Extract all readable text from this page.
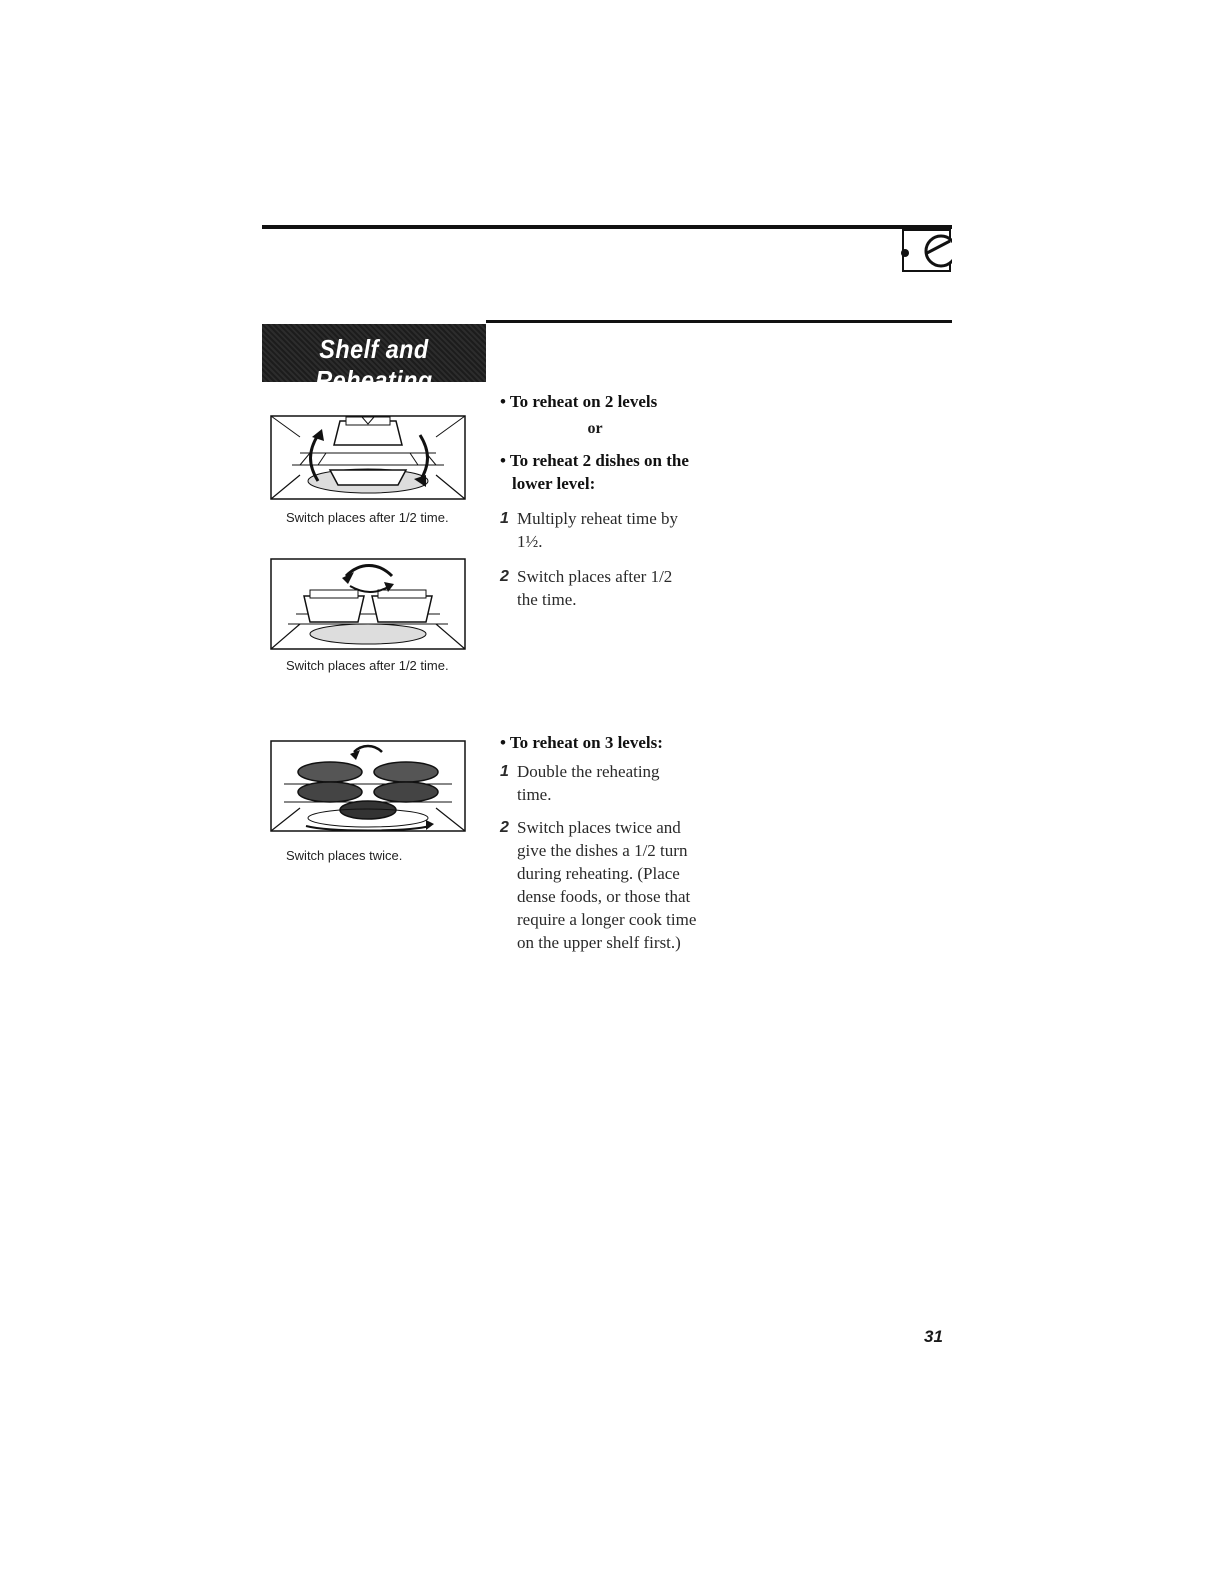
Shelf and Reheating
Switch places after 1/2 time.
Switch places after 1/2 time.
Switch places twice.
• To reheat on 2 levels
or
• To reheat 2 dishes on the lower level:
1 Multiply reheat time by 1½.
2 Switch places after 1/2 the time.
• To reheat on 3 levels:
1 Double the reheating time.
2 Switch places twice and give the dishes a 1/2 turn during reheating. (Place dense foods, or those that require a longer cook time on the upper shelf first.)
31
